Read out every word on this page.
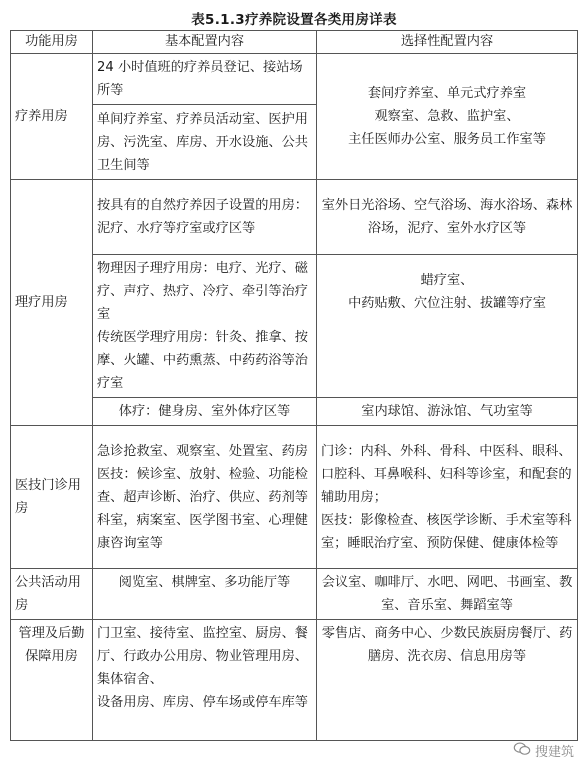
表5.1.3疗养院设置各类用房详表
功能用房	基本配置内容	选择性配置内容
疗养用房	24 小时值班的疗养员登记、接站场所等	套间疗养室、单元式疗养室
观察室、急救、监护室、
主任医师办公室、服务员工作室等

	单间疗养室、疗养员活动室、医护用房、污洗室、库房、开水设施、公共卫生间等	
理疗用房	按具有的自然疗养因子设置的用房：
泥疗、水疗等疗室或疗区等	室外日光浴场、空气浴场、海水浴场、森林浴场，泥疗、室外水疗区等
	物理因子理疗用房：电疗、光疗、磁疗、声疗、热疗、冷疗、牵引等治疗室
传统医学理疗用房：针灸、推拿、按摩、火罐、中药熏蒸、中药药浴等治疗室	蜡疗室、
中药贴敷、穴位注射、拔罐等疗室
	体疗：健身房、室外体疗区等	室内球馆、游泳馆、气功室等
医技门诊用房	急诊抢救室、观察室、处置室、药房
医技：候诊室、放射、检验、功能检查、超声诊断、治疗、供应、药剂等科室，病案室、医学图书室、心理健康咨询室等	门诊：内科、外科、骨科、中医科、眼科、口腔科、耳鼻喉科、妇科等诊室，和配套的辅助用房；
医技：影像检查、核医学诊断、手术室等科室；睡眠治疗室、预防保健、健康体检等
公共活动用房	阅览室、棋牌室、多功能厅等	会议室、咖啡厅、水吧、网吧、书画室、教室、音乐室、舞蹈室等
管理及后勤保障用房	门卫室、接待室、监控室、厨房、餐厅、行政办公用房、物业管理用房、集体宿舍、
设备用房、库房、停车场或停车库等	零售店、商务中心、少数民族厨房餐厅、药膳房、洗衣房、信息用房等
搜建筑
